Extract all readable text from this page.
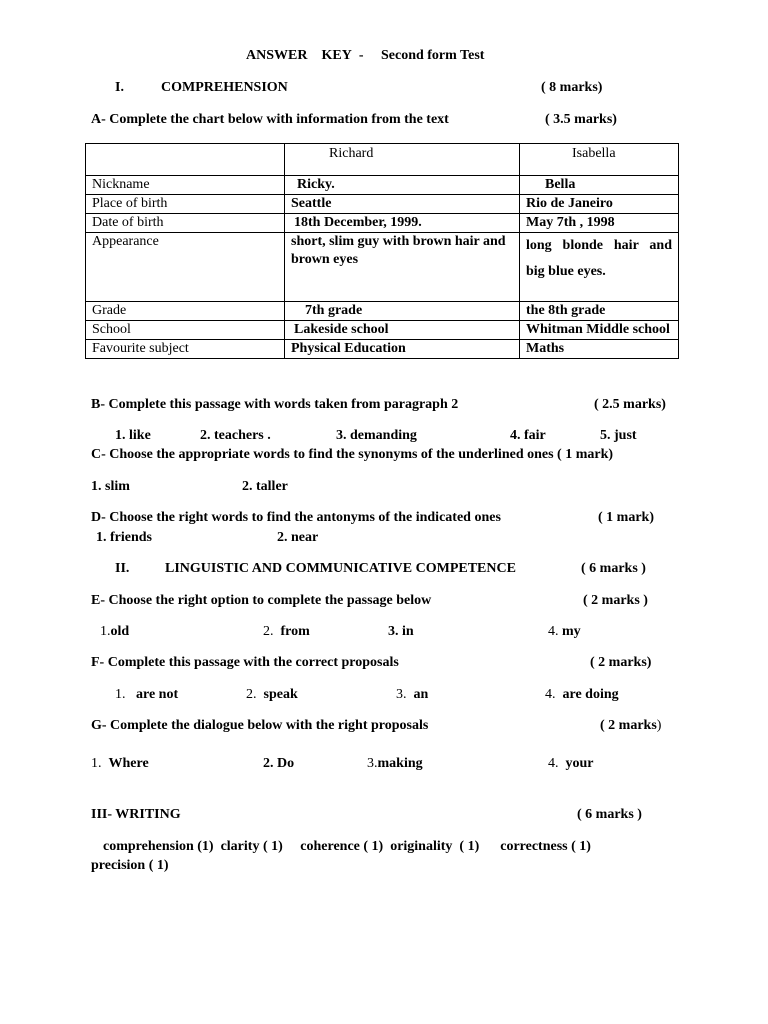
ANSWER KEY - Second form Test
I.	COMPREHENSION	( 8 marks)
A- Complete the chart below with information from the text	( 3.5 marks)
	Richard	Isabella
Nickname	Ricky.	Bella
Place of birth	Seattle	Rio de Janeiro
Date of birth	18th December, 1999.	May 7th , 1998
Appearance	short, slim guy with brown hair and brown eyes	long blonde hair and big blue eyes.
Grade	7th grade	the 8th grade
School	Lakeside school	Whitman Middle school
Favourite subject	Physical Education	Maths
B- Complete this passage with words taken from paragraph 2	( 2.5 marks)
1. like	2. teachers .	3. demanding	4. fair	5. just
C- Choose the appropriate words to find the synonyms of the underlined ones ( 1 mark)
1. slim	2. taller
D- Choose the right words to find the antonyms of the indicated ones	( 1 mark)
1. friends	2. near
II.	LINGUISTIC AND COMMUNICATIVE COMPETENCE	( 6 marks )
E- Choose the right option to complete the passage below	( 2 marks )
1.old	2. from	3. in	4. my
F- Complete this passage with the correct proposals	( 2 marks)
1. are not	2. speak	3. an	4. are doing
G- Complete the dialogue below with the right proposals	( 2 marks)
1. Where	2. Do	3.making	4. your
III- WRITING	( 6 marks )
comprehension (1)  clarity ( 1)     coherence ( 1)  originality  ( 1)      correctness ( 1)
precision ( 1)
